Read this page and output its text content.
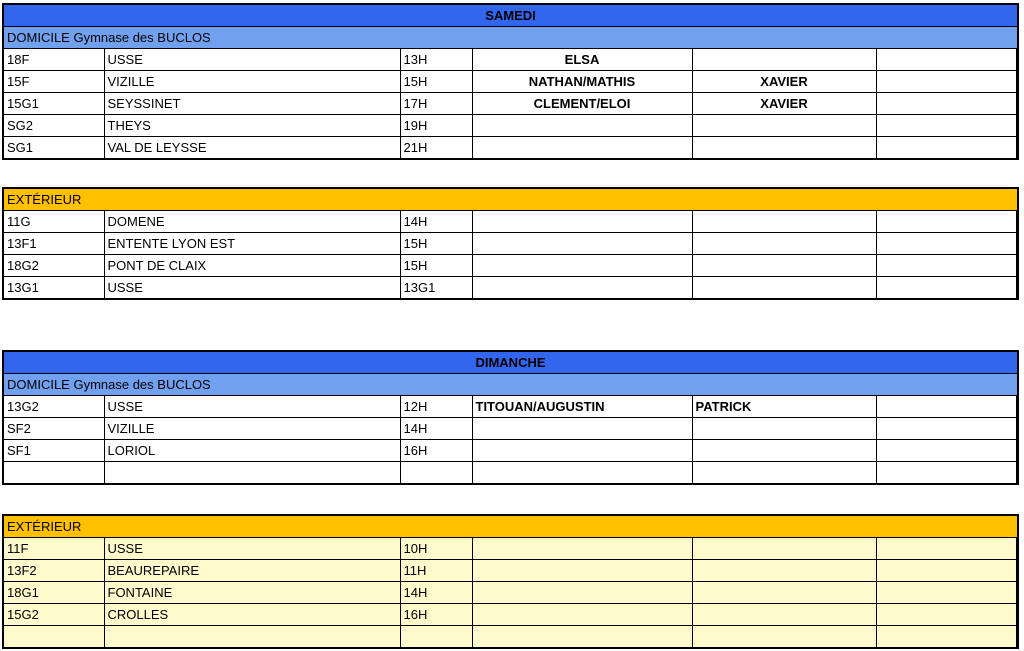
SAMEDI						
DOMICILE Gymnase des BUCLOS						
18F	USSE	13H	ELSA			
15F	VIZILLE	15H	NATHAN/MATHIS	XAVIER		
15G1	SEYSSINET	17H	CLEMENT/ELOI	XAVIER		
SG2	THEYS	19H				
SG1	VAL DE LEYSSE	21H				
EXTÉRIEUR						
11G	DOMENE	14H				
13F1	ENTENTE LYON EST	15H				
18G2	PONT DE CLAIX	15H				
13G1	USSE	13G1				
DIMANCHE						
DOMICILE Gymnase des BUCLOS						
13G2	USSE	12H	TITOUAN/AUGUSTIN	PATRICK		
SF2	VIZILLE	14H				
SF1	LORIOL	16H				

EXTÉRIEUR						
11F	USSE	10H				
13F2	BEAUREPAIRE	11H				
18G1	FONTAINE	14H				
15G2	CROLLES	16H				
